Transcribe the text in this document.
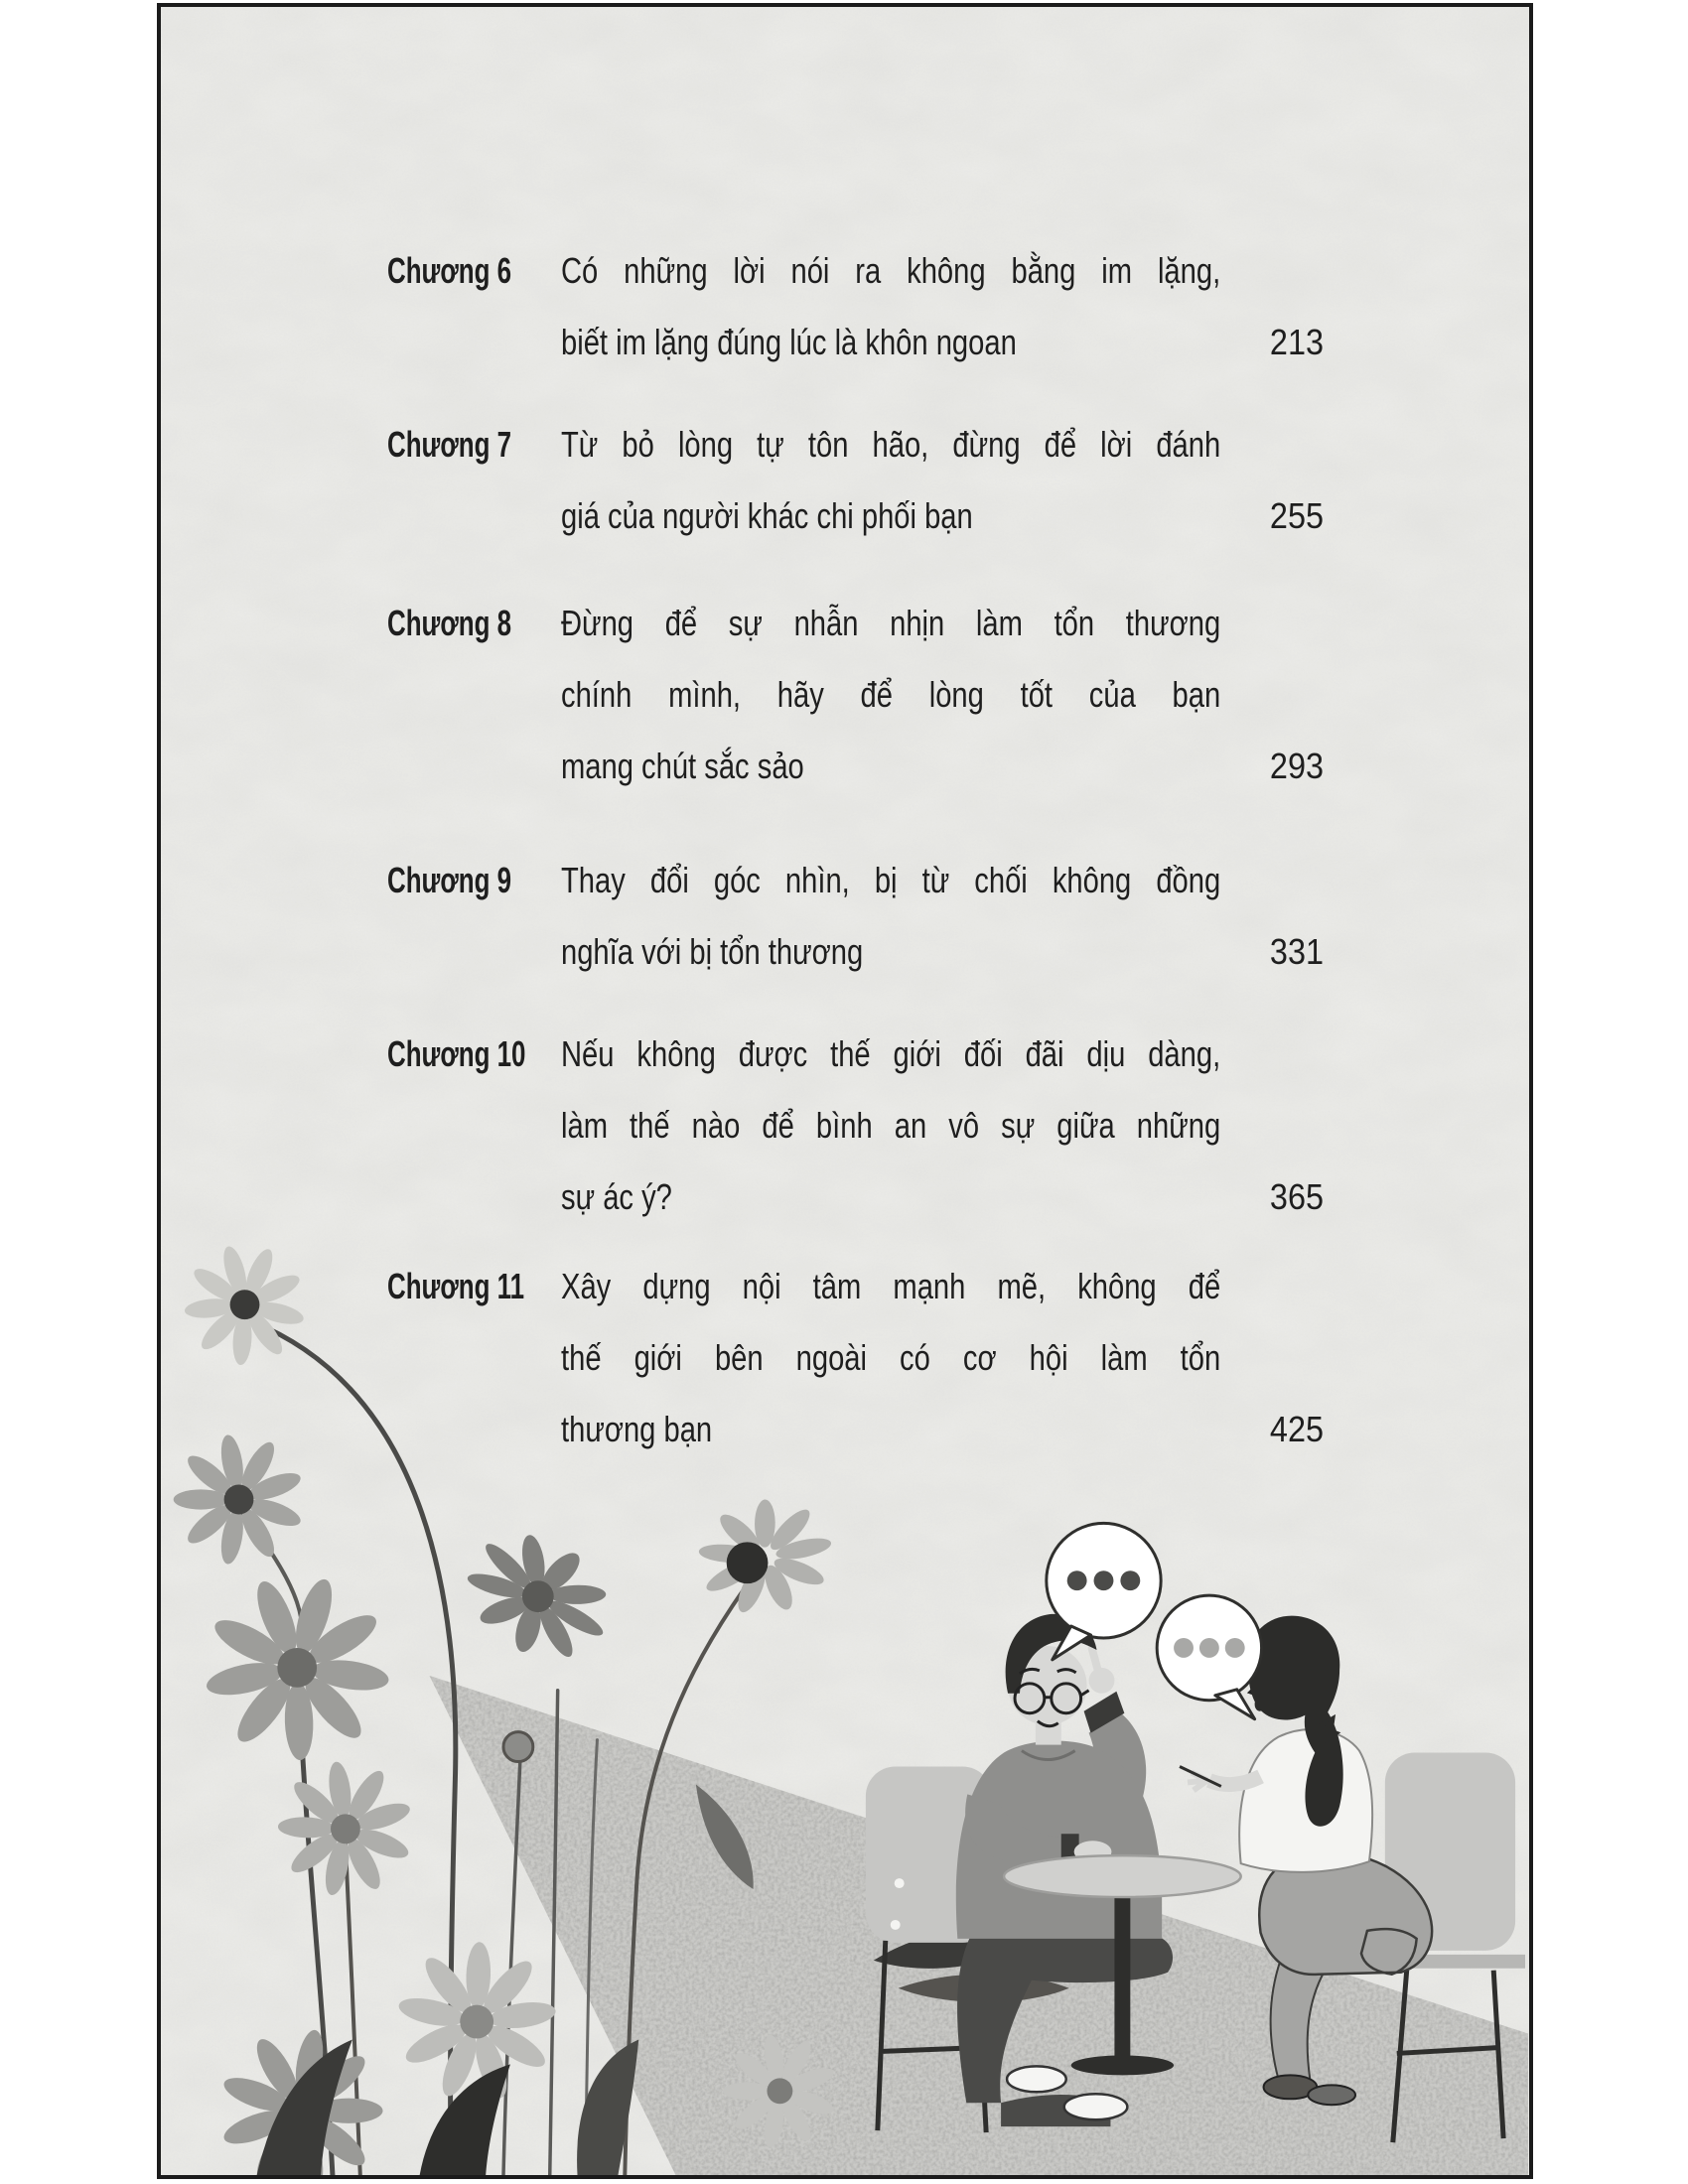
Chương 6 Có những lời nói ra không bằng im lặng,
biết im lặng đúng lúc là khôn ngoan	213
Chương 7 Từ bỏ lòng tự tôn hão, đừng để lời đánh
giá của người khác chi phối bạn	255
Chương 8 Đừng để sự nhẫn nhịn làm tổn thương
chính mình, hãy để lòng tốt của bạn
mang chút sắc sảo	293
Chương 9 Thay đổi góc nhìn, bị từ chối không đồng
nghĩa với bị tổn thương	331
Chương 10 Nếu không được thế giới đối đãi dịu dàng,
làm thế nào để bình an vô sự giữa những
sự ác ý?	365
Chương 11 Xây dựng nội tâm mạnh mẽ, không để
thế giới bên ngoài có cơ hội làm tổn
thương bạn	425
